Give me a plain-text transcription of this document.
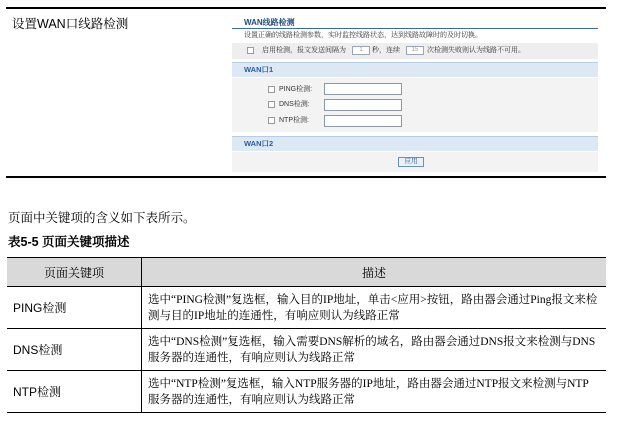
设置WAN口线路检测	WAN线路检测
设置正确的线路检测参数，实时监控线路状态，达到线路故障时的及时切换。
启用检测，报文发送间隔为	1	秒，连续	15	次检测失败则认为线路不可用。
WAN口1
PING检测:
DNS检测:
NTP检测:
WAN口2
应用
页面中关键项的含义如下表所示。
表5-5 页面关键项描述
页面关键项	描述
PING检测	选中“PING检测”复选框，输入目的IP地址，单击<应用>按钮，路由器会通过Ping报文来检测与目的IP地址的连通性，有响应则认为线路正常
DNS检测	选中“DNS检测”复选框，输入需要DNS解析的域名，路由器会通过DNS报文来检测与DNS服务器的连通性，有响应则认为线路正常
NTP检测	选中“NTP检测”复选框，输入NTP服务器的IP地址，路由器会通过NTP报文来检测与NTP服务器的连通性，有响应则认为线路正常
